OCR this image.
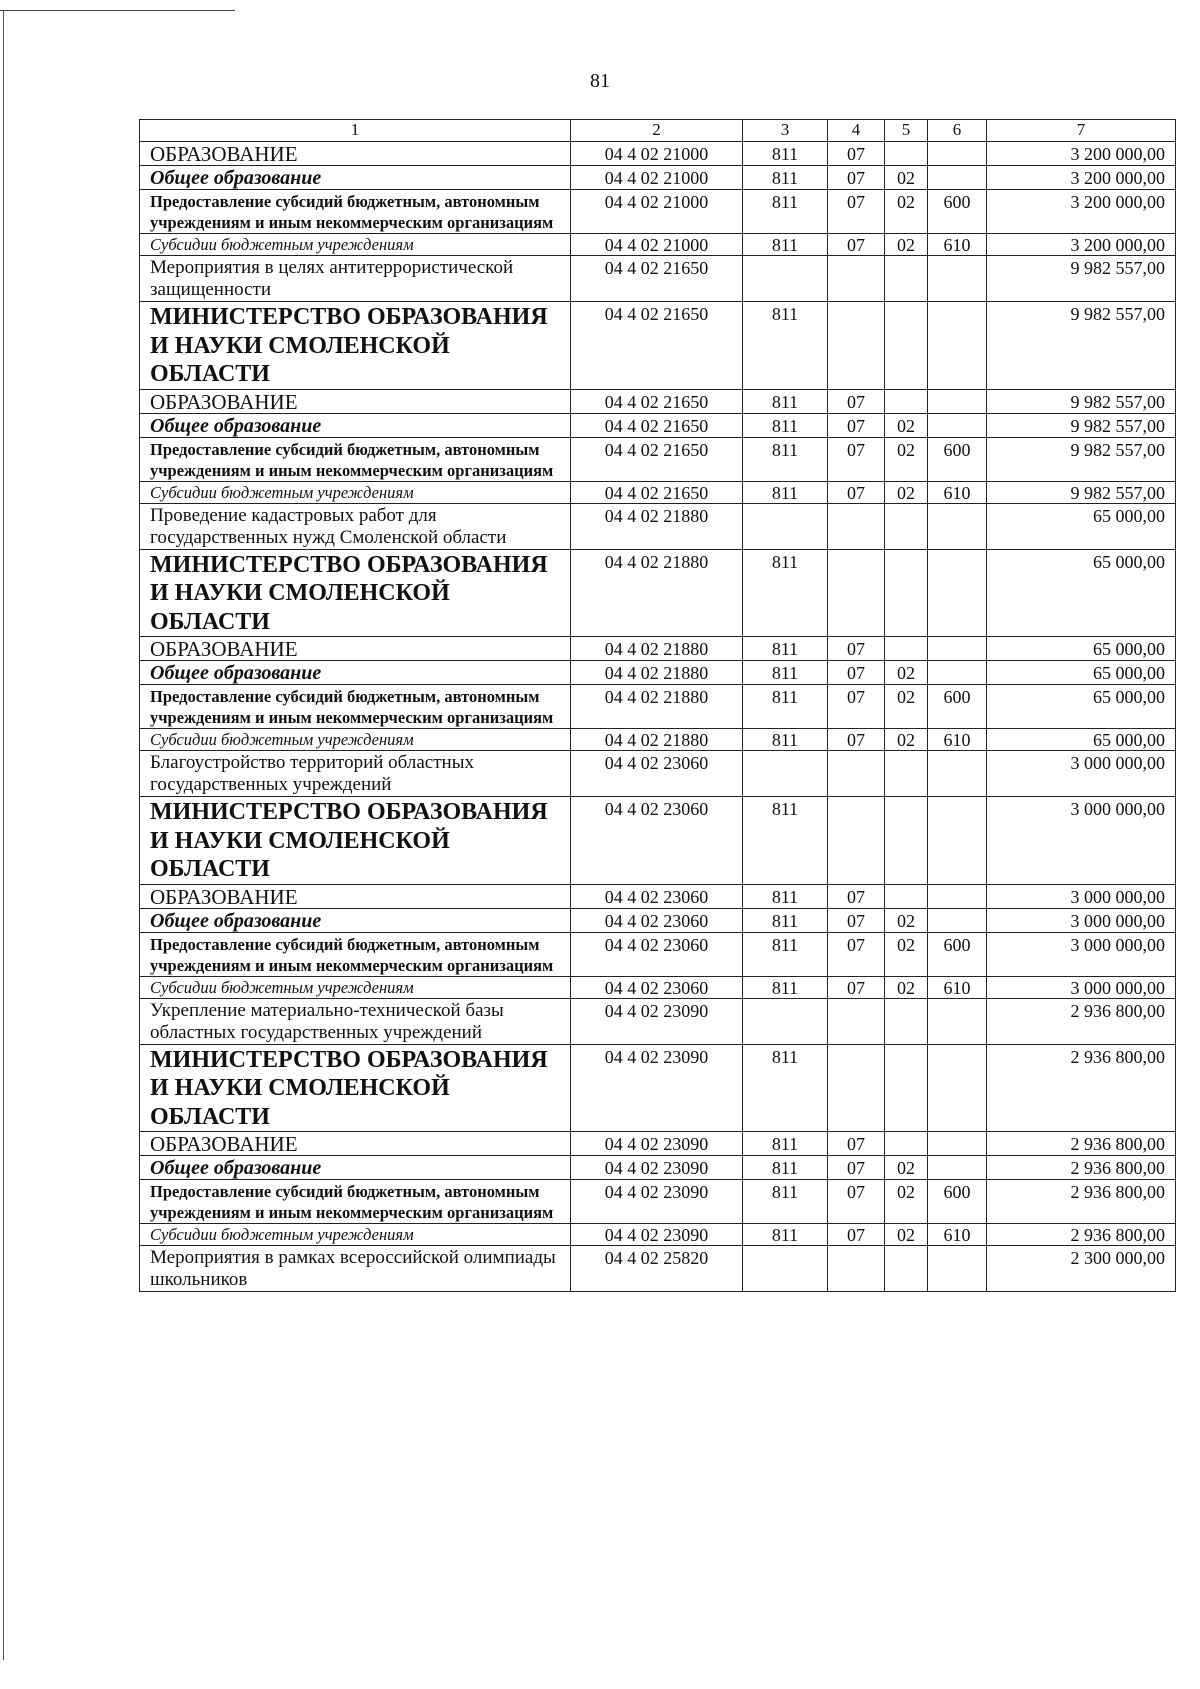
81
1	2	3	4	5	6	7
ОБРАЗОВАНИЕ	04 4 02 21000	811	07			3 200 000,00
Общее образование	04 4 02 21000	811	07	02		3 200 000,00
Предоставление субсидий бюджетным, автономным учреждениям и иным некоммерческим организациям	04 4 02 21000	811	07	02	600	3 200 000,00
Субсидии бюджетным учреждениям	04 4 02 21000	811	07	02	610	3 200 000,00
Мероприятия в целях антитеррористической защищенности	04 4 02 21650					9 982 557,00
МИНИСТЕРСТВО ОБРАЗОВАНИЯ И НАУКИ СМОЛЕНСКОЙ ОБЛАСТИ	04 4 02 21650	811				9 982 557,00
ОБРАЗОВАНИЕ	04 4 02 21650	811	07			9 982 557,00
Общее образование	04 4 02 21650	811	07	02		9 982 557,00
Предоставление субсидий бюджетным, автономным учреждениям и иным некоммерческим организациям	04 4 02 21650	811	07	02	600	9 982 557,00
Субсидии бюджетным учреждениям	04 4 02 21650	811	07	02	610	9 982 557,00
Проведение кадастровых работ для государственных нужд Смоленской области	04 4 02 21880					65 000,00
МИНИСТЕРСТВО ОБРАЗОВАНИЯ И НАУКИ СМОЛЕНСКОЙ ОБЛАСТИ	04 4 02 21880	811				65 000,00
ОБРАЗОВАНИЕ	04 4 02 21880	811	07			65 000,00
Общее образование	04 4 02 21880	811	07	02		65 000,00
Предоставление субсидий бюджетным, автономным учреждениям и иным некоммерческим организациям	04 4 02 21880	811	07	02	600	65 000,00
Субсидии бюджетным учреждениям	04 4 02 21880	811	07	02	610	65 000,00
Благоустройство территорий областных государственных учреждений	04 4 02 23060					3 000 000,00
МИНИСТЕРСТВО ОБРАЗОВАНИЯ И НАУКИ СМОЛЕНСКОЙ ОБЛАСТИ	04 4 02 23060	811				3 000 000,00
ОБРАЗОВАНИЕ	04 4 02 23060	811	07			3 000 000,00
Общее образование	04 4 02 23060	811	07	02		3 000 000,00
Предоставление субсидий бюджетным, автономным учреждениям и иным некоммерческим организациям	04 4 02 23060	811	07	02	600	3 000 000,00
Субсидии бюджетным учреждениям	04 4 02 23060	811	07	02	610	3 000 000,00
Укрепление материально-технической базы областных государственных учреждений	04 4 02 23090					2 936 800,00
МИНИСТЕРСТВО ОБРАЗОВАНИЯ И НАУКИ СМОЛЕНСКОЙ ОБЛАСТИ	04 4 02 23090	811				2 936 800,00
ОБРАЗОВАНИЕ	04 4 02 23090	811	07			2 936 800,00
Общее образование	04 4 02 23090	811	07	02		2 936 800,00
Предоставление субсидий бюджетным, автономным учреждениям и иным некоммерческим организациям	04 4 02 23090	811	07	02	600	2 936 800,00
Субсидии бюджетным учреждениям	04 4 02 23090	811	07	02	610	2 936 800,00
Мероприятия в рамках всероссийской олимпиады школьников	04 4 02 25820					2 300 000,00
